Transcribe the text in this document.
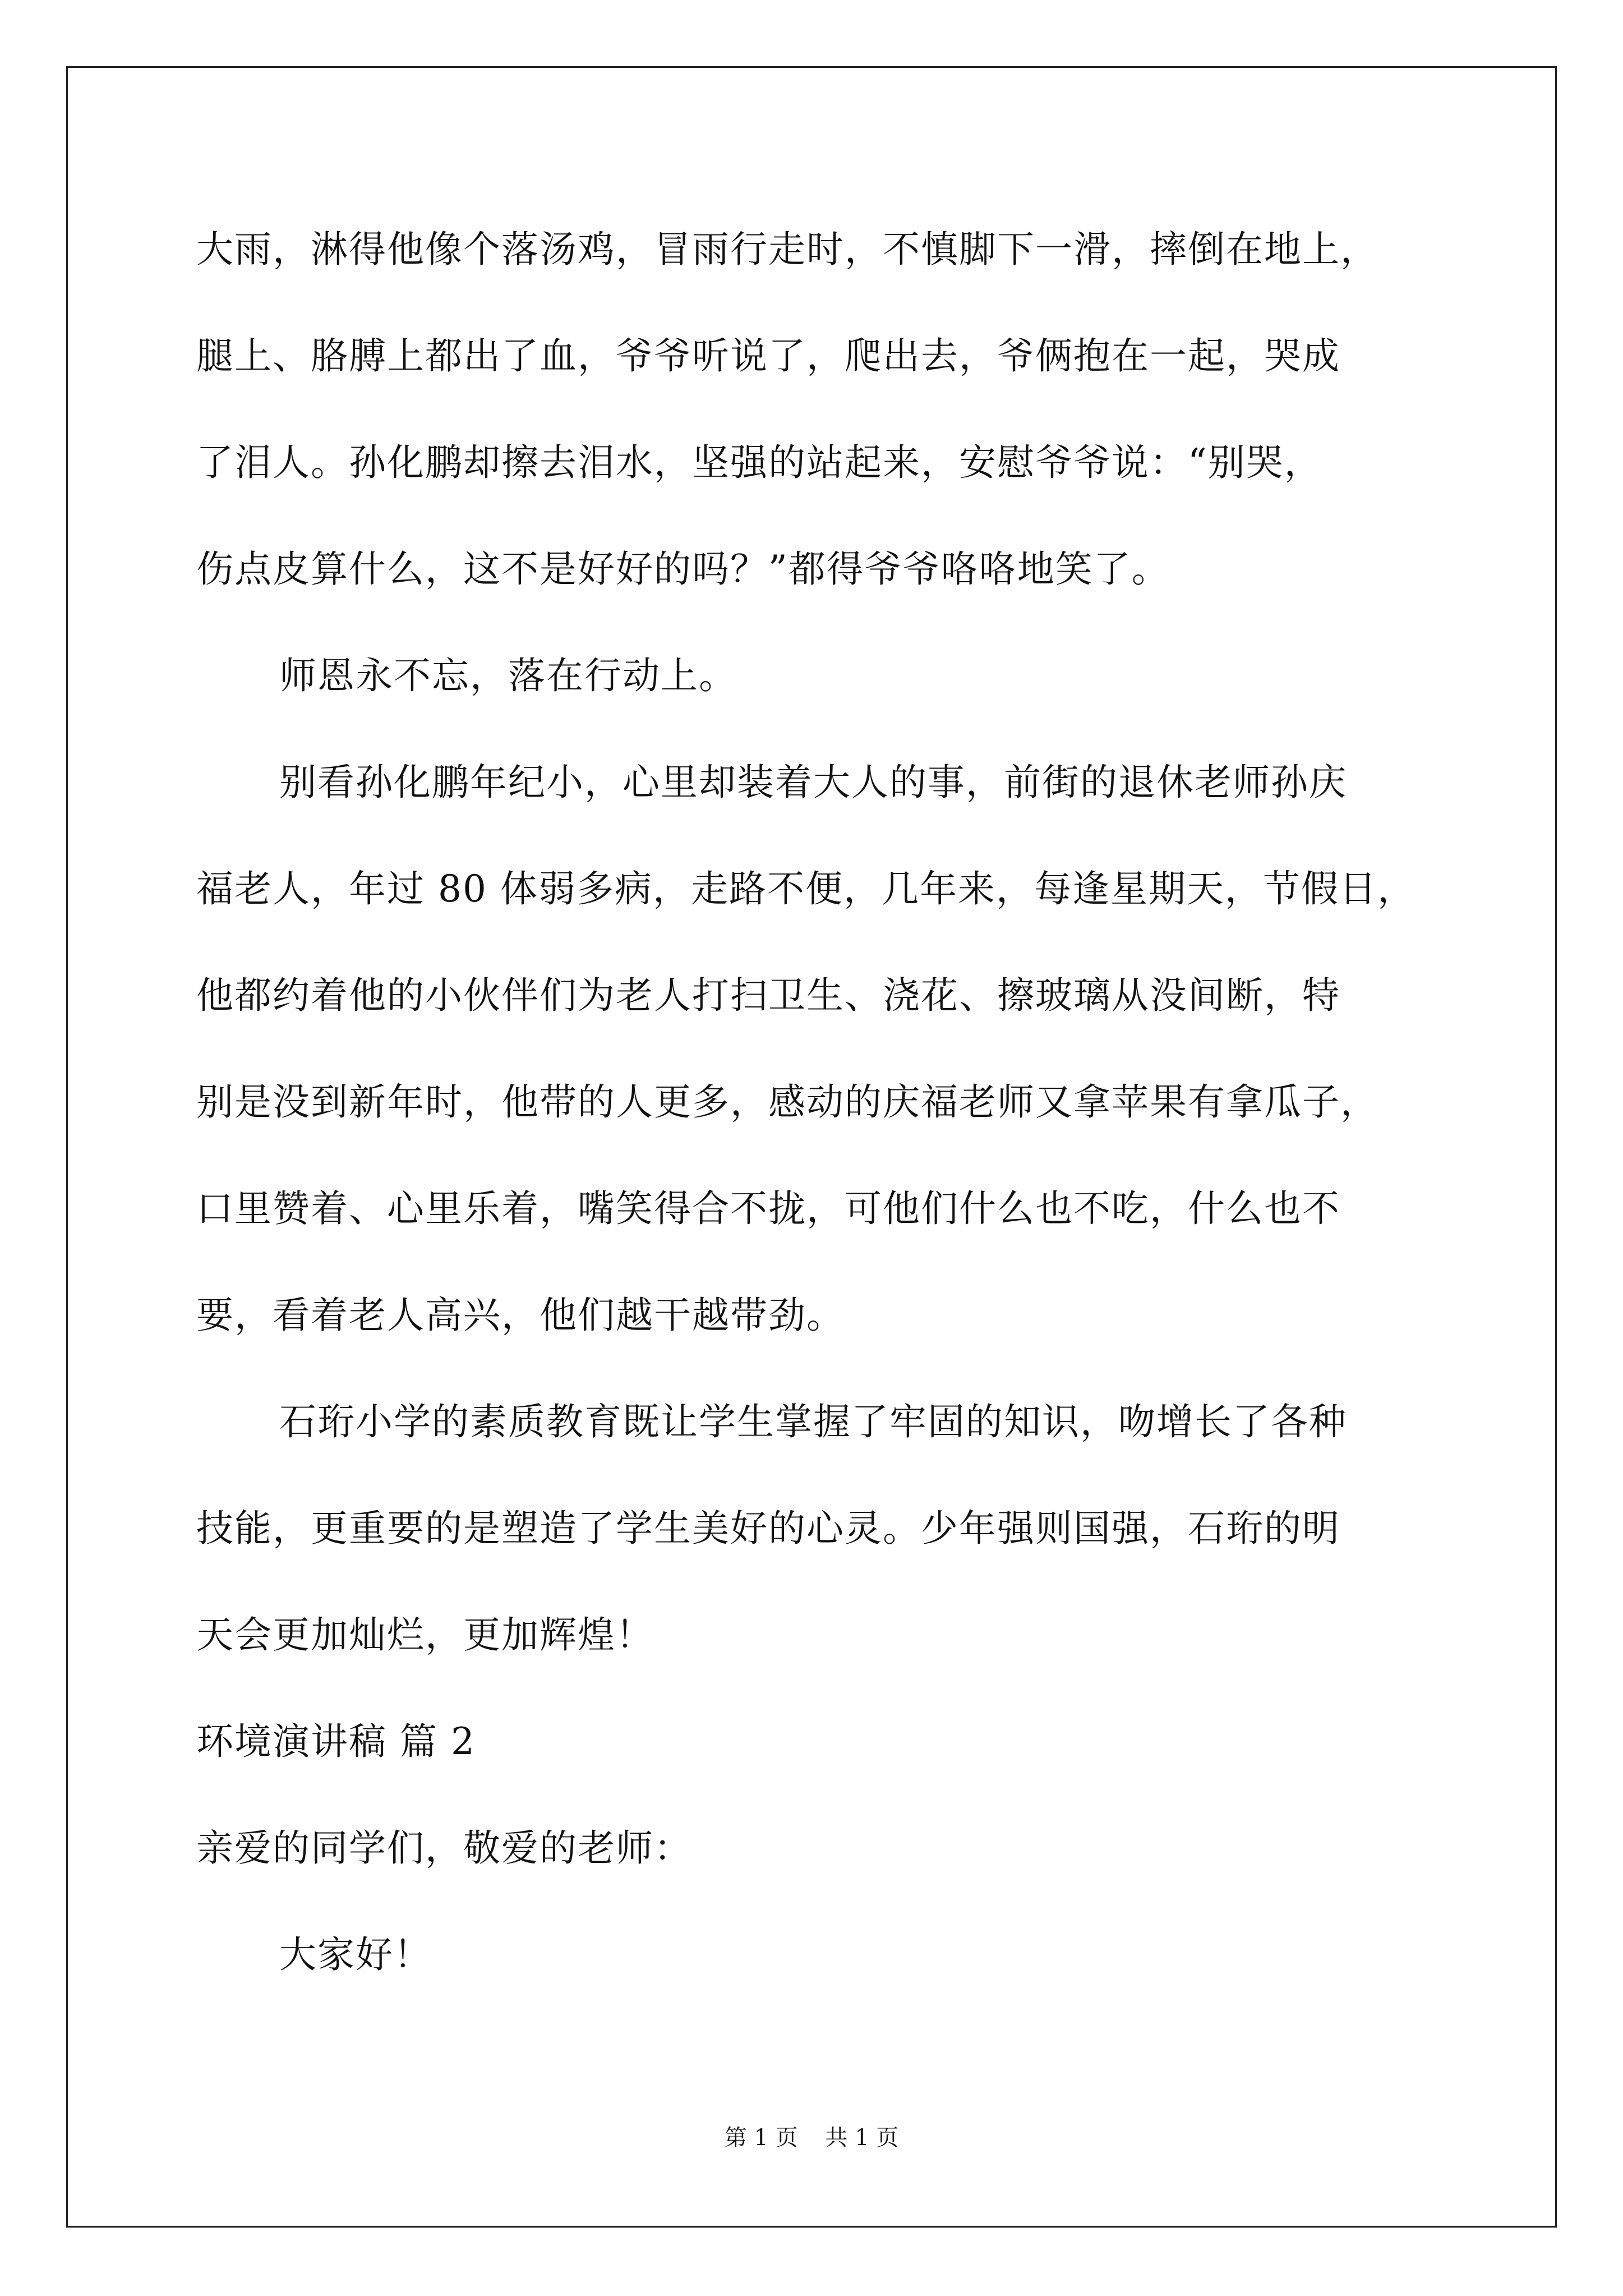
大雨，淋得他像个落汤鸡，冒雨行走时，不慎脚下一滑，摔倒在地上，
腿上、胳膊上都出了血，爷爷听说了，爬出去，爷俩抱在一起，哭成
了泪人。孙化鹏却擦去泪水，坚强的站起来，安慰爷爷说：“别哭，
伤点皮算什么，这不是好好的吗？”都得爷爷咯咯地笑了。
师恩永不忘，落在行动上。
别看孙化鹏年纪小，心里却装着大人的事，前街的退休老师孙庆
福老人，年过 80 体弱多病，走路不便，几年来，每逢星期天，节假日，
他都约着他的小伙伴们为老人打扫卫生、浇花、擦玻璃从没间断，特
别是没到新年时，他带的人更多，感动的庆福老师又拿苹果有拿瓜子，
口里赞着、心里乐着，嘴笑得合不拢，可他们什么也不吃，什么也不
要，看着老人高兴，他们越干越带劲。
石珩小学的素质教育既让学生掌握了牢固的知识，吻增长了各种
技能，更重要的是塑造了学生美好的心灵。少年强则国强，石珩的明
天会更加灿烂，更加辉煌！
环境演讲稿 篇 2
亲爱的同学们，敬爱的老师：
大家好！
第 1 页 共 1 页
